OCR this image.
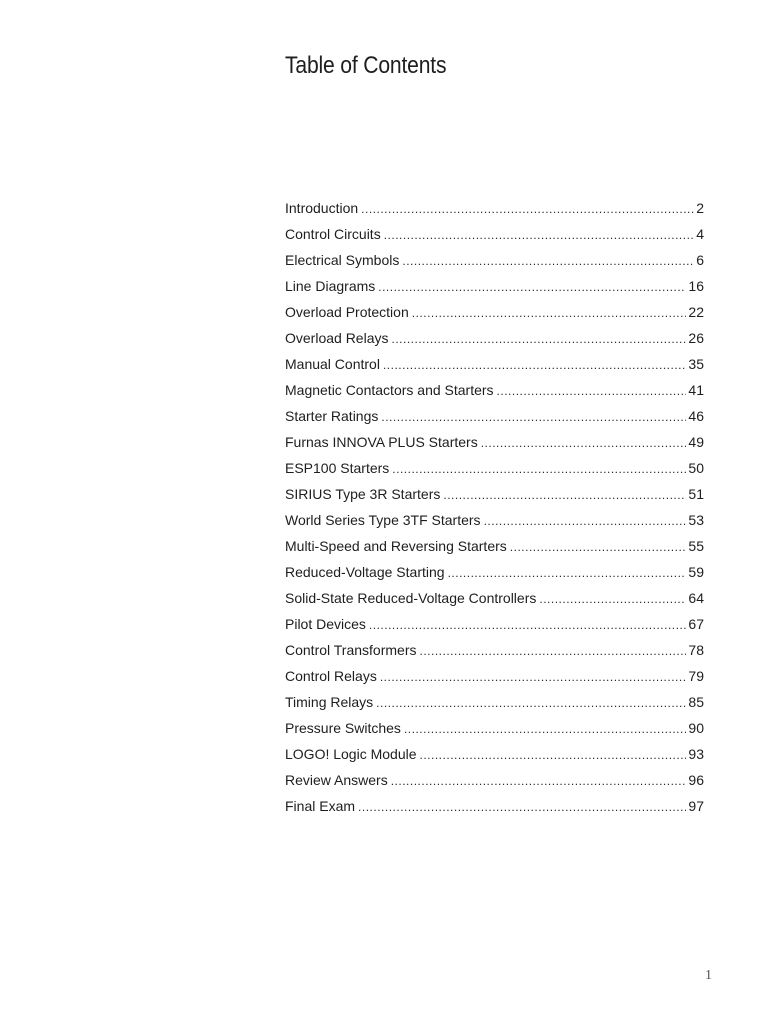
Table of Contents
Introduction .....	2
Control Circuits .....	4
Electrical Symbols .....	6
Line Diagrams .....	16
Overload Protection .....	22
Overload Relays .....	26
Manual Control .....	35
Magnetic Contactors and Starters .....	41
Starter Ratings .....	46
Furnas INNOVA PLUS Starters .....	49
ESP100 Starters .....	50
SIRIUS Type 3R Starters .....	51
World Series Type 3TF Starters .....	53
Multi-Speed and Reversing Starters .....	55
Reduced-Voltage Starting .....	59
Solid-State Reduced-Voltage Controllers .....	64
Pilot Devices .....	67
Control Transformers .....	78
Control Relays .....	79
Timing Relays .....	85
Pressure Switches .....	90
LOGO! Logic Module .....	93
Review Answers .....	96
Final Exam .....	97
1
